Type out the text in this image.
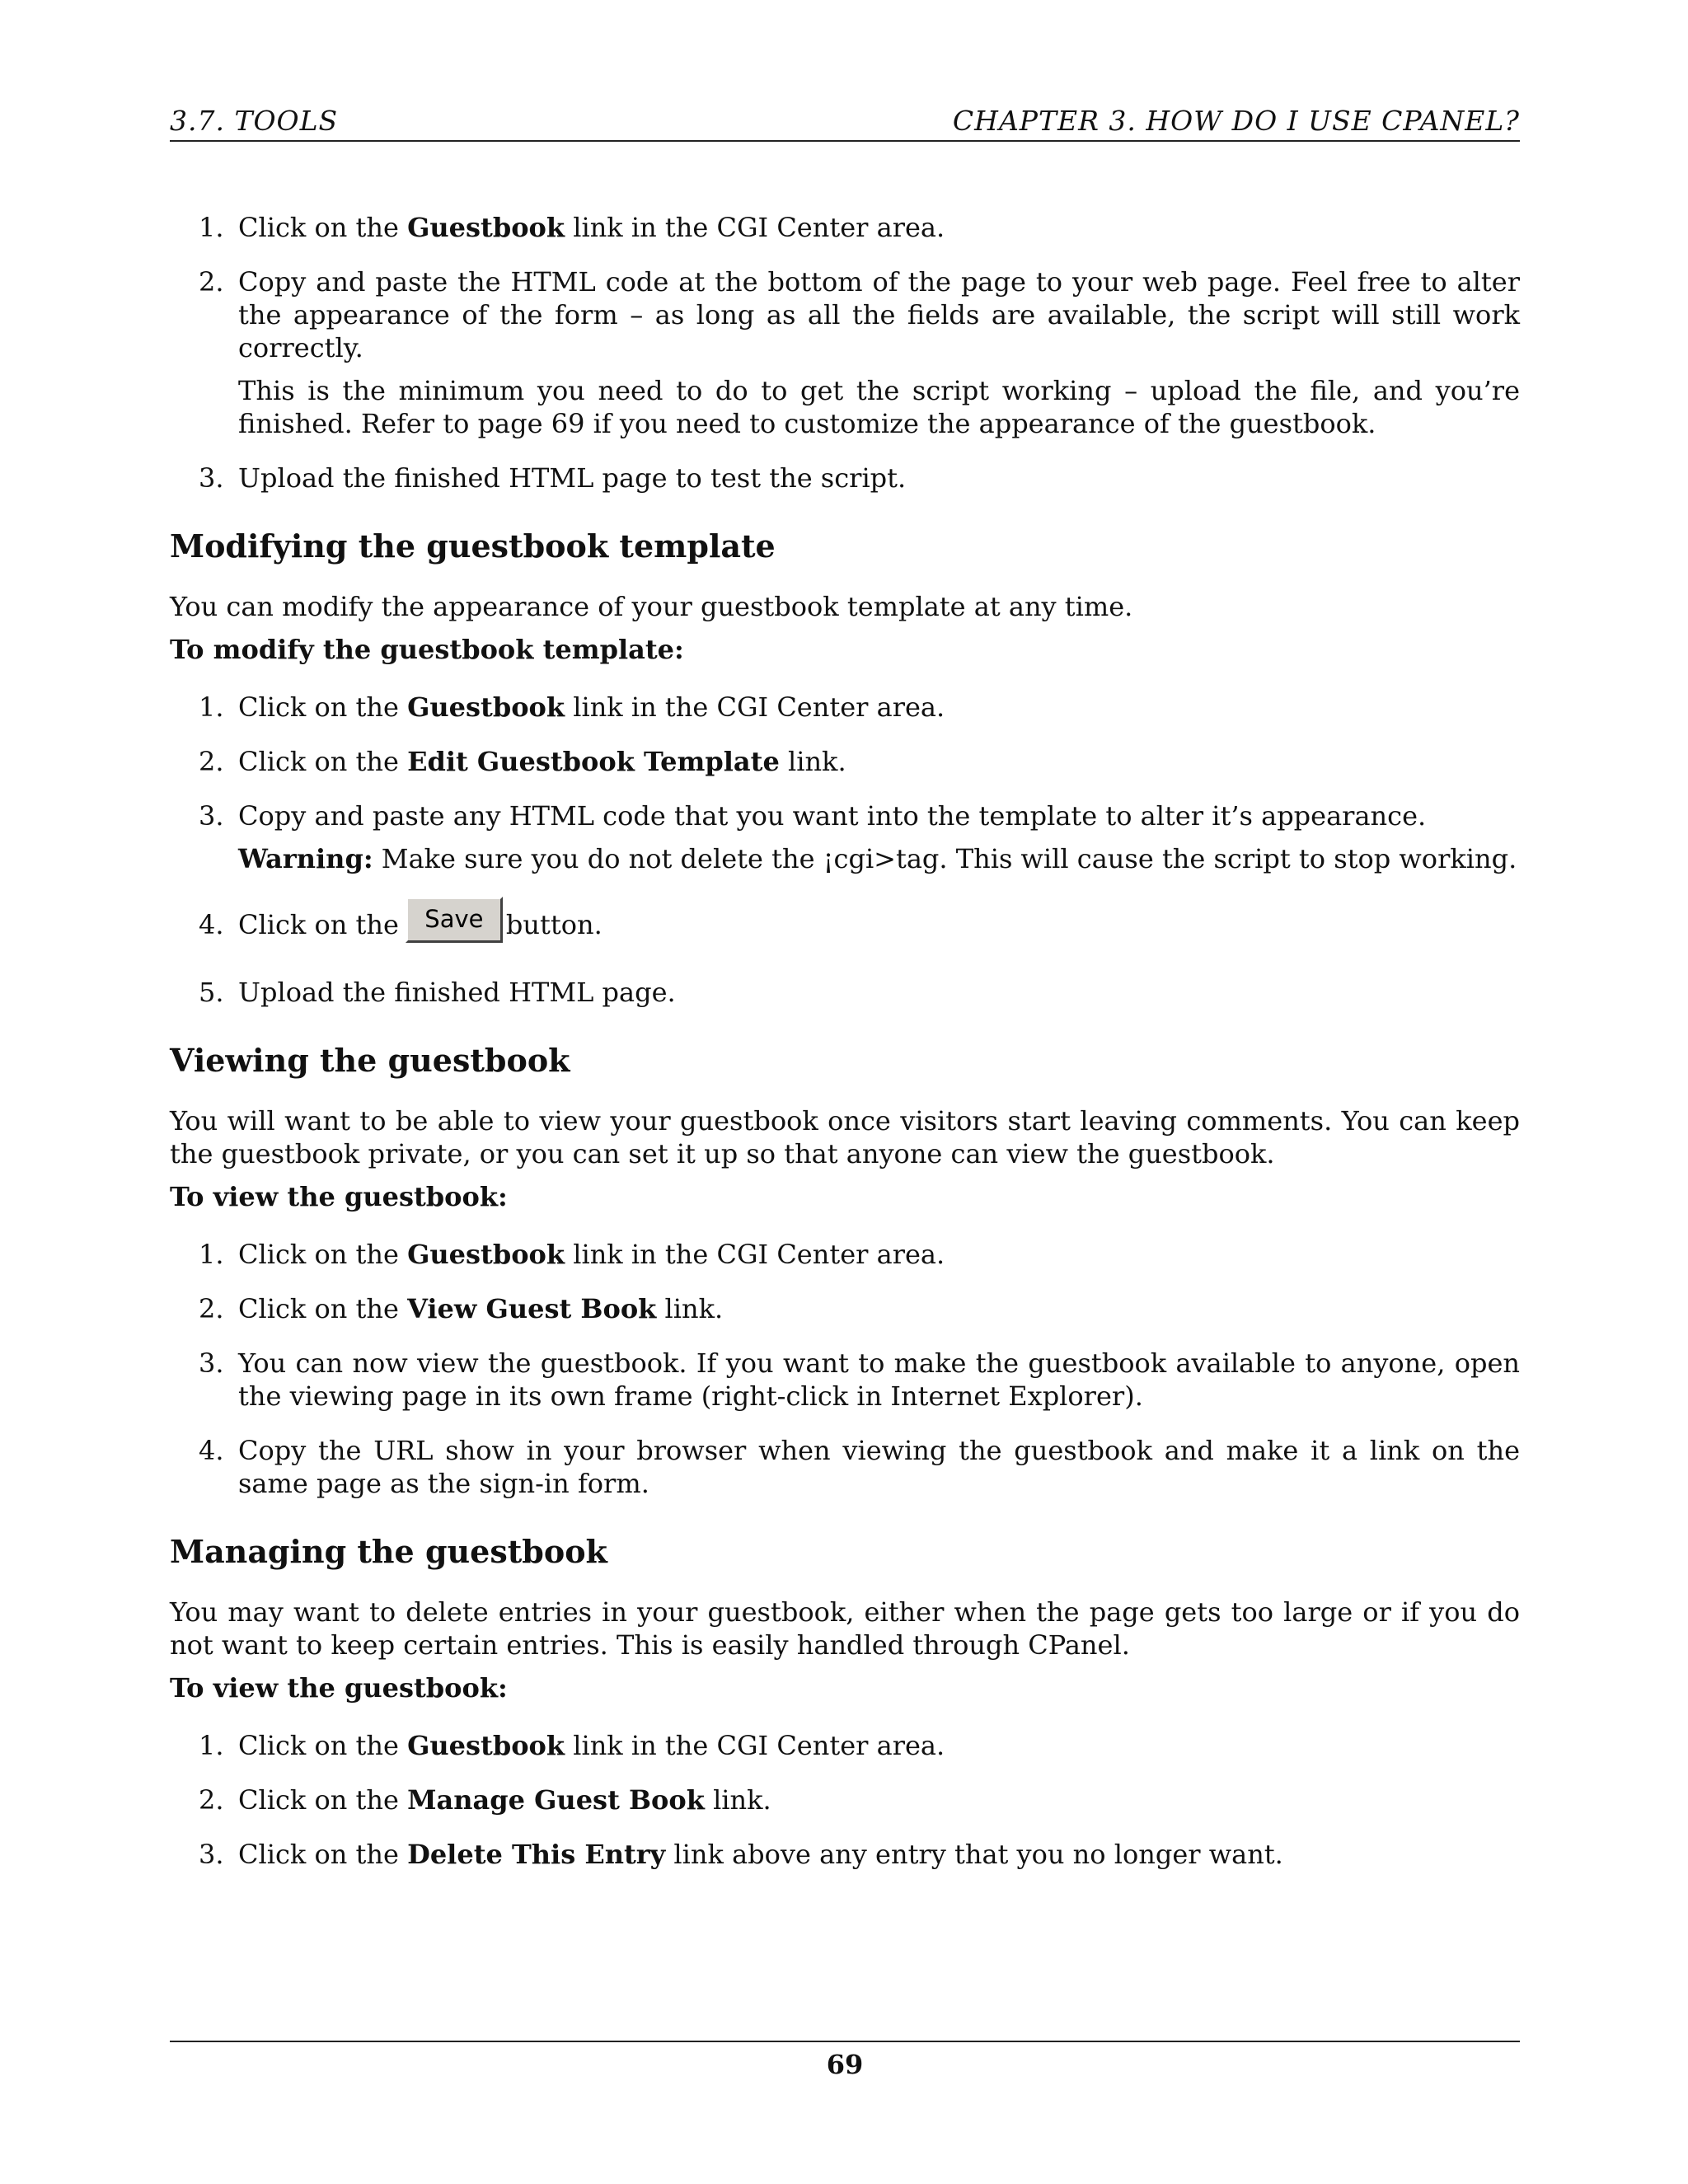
3.7. TOOLS	CHAPTER 3. HOW DO I USE CPANEL?
1. Click on the Guestbook link in the CGI Center area.
2. Copy and paste the HTML code at the bottom of the page to your web page. Feel free to alter the appearance of the form – as long as all the fields are available, the script will still work correctly.

This is the minimum you need to do to get the script working – upload the file, and you’re finished. Refer to page 69 if you need to customize the appearance of the guestbook.

3. Upload the finished HTML page to test the script.
Modifying the guestbook template
You can modify the appearance of your guestbook template at any time.
To modify the guestbook template:
1. Click on the Guestbook link in the CGI Center area.
2. Click on the Edit Guestbook Template link.
3. Copy and paste any HTML code that you want into the template to alter it’s appearance.

Warning: Make sure you do not delete the ¡cgi>tag. This will cause the script to stop working.

4. Click on the Save button.
5. Upload the finished HTML page.
Viewing the guestbook
You will want to be able to view your guestbook once visitors start leaving comments. You can keep the guestbook private, or you can set it up so that anyone can view the guestbook.
To view the guestbook:
1. Click on the Guestbook link in the CGI Center area.
2. Click on the View Guest Book link.
3. You can now view the guestbook. If you want to make the guestbook available to anyone, open the viewing page in its own frame (right-click in Internet Explorer).
4. Copy the URL show in your browser when viewing the guestbook and make it a link on the same page as the sign-in form.
Managing the guestbook
You may want to delete entries in your guestbook, either when the page gets too large or if you do not want to keep certain entries. This is easily handled through CPanel.
To view the guestbook:
1. Click on the Guestbook link in the CGI Center area.
2. Click on the Manage Guest Book link.
3. Click on the Delete This Entry link above any entry that you no longer want.
69
